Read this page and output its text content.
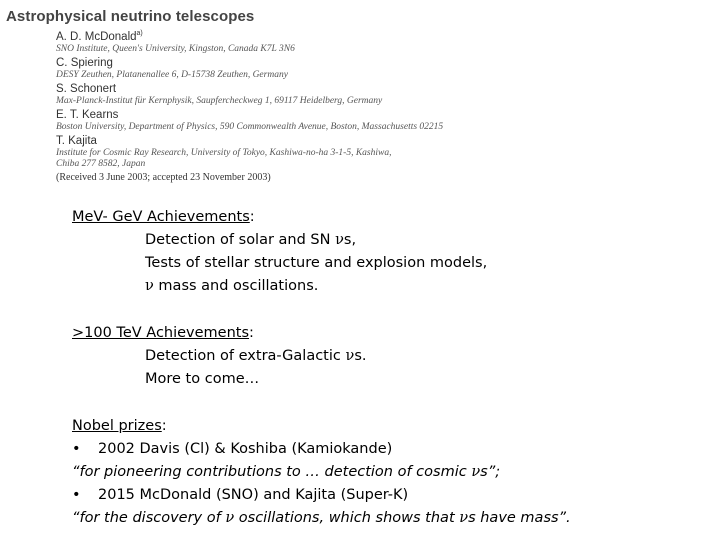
Astrophysical neutrino telescopes
A. D. McDonald$^{a)}$
SNO Institute, Queen's University, Kingston, Canada K7L 3N6
C. Spiering
DESY Zeuthen, Platanenallee 6, D-15738 Zeuthen, Germany
S. Schonert
Max-Planck-Institut für Kernphysik, Saupfercheckweg 1, 69117 Heidelberg, Germany
E. T. Kearns
Boston University, Department of Physics, 590 Commonwealth Avenue, Boston, Massachusetts 02215
T. Kajita
Institute for Cosmic Ray Research, University of Tokyo, Kashiwa-no-ha 3-1-5, Kashiwa,
Chiba 277 8582, Japan
(Received 3 June 2003; accepted 23 November 2003)
MeV- GeV Achievements:
Detection of solar and SN νs,
Tests of stellar structure and explosion models,
ν mass and oscillations.
>100 TeV Achievements:
Detection of extra-Galactic νs.
More to come…
Nobel prizes:
• 2002 Davis (Cl) & Koshiba (Kamiokande)
“for pioneering contributions to … detection of cosmic νs”;
• 2015 McDonald (SNO) and Kajita (Super-K)
“for the discovery of ν oscillations, which shows that νs have mass”.
